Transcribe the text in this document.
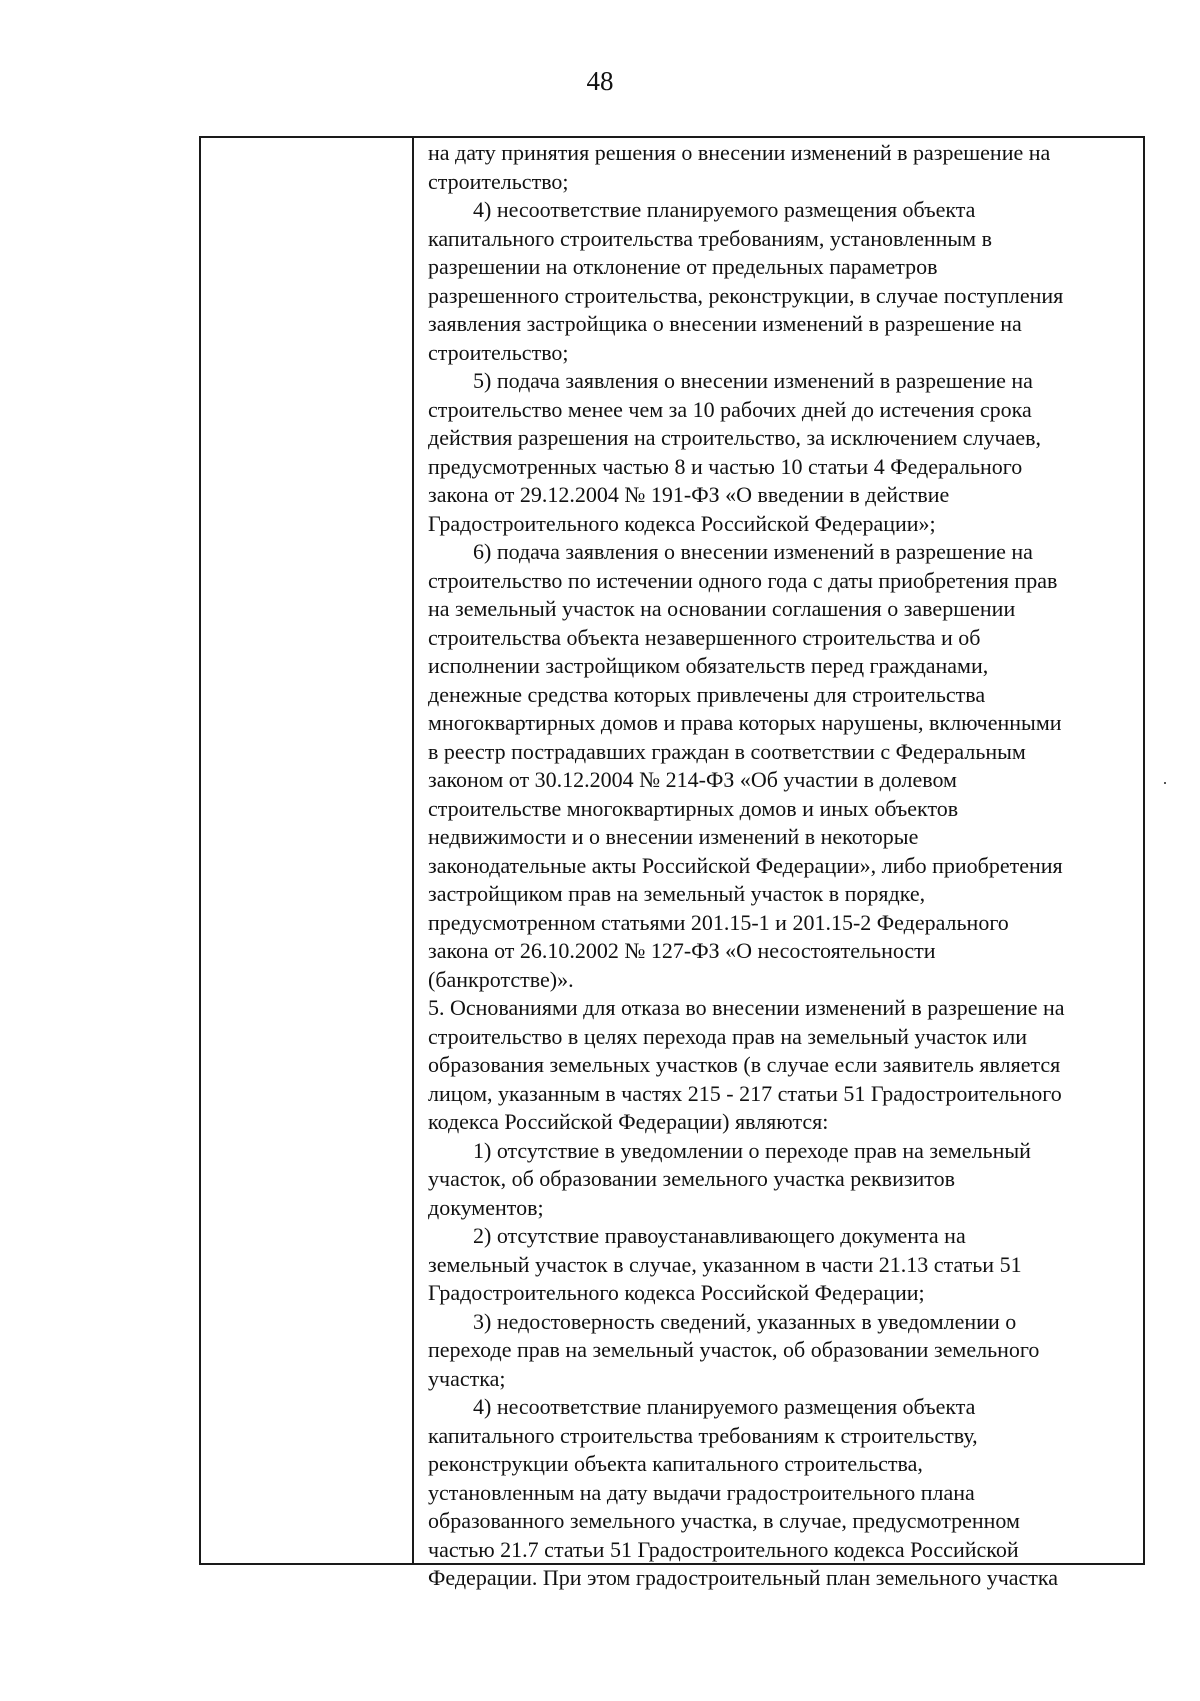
48
на дату принятия решения о внесении изменений в разрешение на
строительство;
4) несоответствие планируемого размещения объекта
капитального строительства требованиям, установленным в
разрешении на отклонение от предельных параметров
разрешенного строительства, реконструкции, в случае поступления
заявления застройщика о внесении изменений в разрешение на
строительство;
5) подача заявления о внесении изменений в разрешение на
строительство менее чем за 10 рабочих дней до истечения срока
действия разрешения на строительство, за исключением случаев,
предусмотренных частью 8 и частью 10 статьи 4 Федерального
закона от 29.12.2004 № 191-ФЗ «О введении в действие
Градостроительного кодекса Российской Федерации»;
6) подача заявления о внесении изменений в разрешение на
строительство по истечении одного года с даты приобретения прав
на земельный участок на основании соглашения о завершении
строительства объекта незавершенного строительства и об
исполнении застройщиком обязательств перед гражданами,
денежные средства которых привлечены для строительства
многоквартирных домов и права которых нарушены, включенными
в реестр пострадавших граждан в соответствии с Федеральным
законом от 30.12.2004 № 214-ФЗ «Об участии в долевом
строительстве многоквартирных домов и иных объектов
недвижимости и о внесении изменений в некоторые
законодательные акты Российской Федерации», либо приобретения
застройщиком прав на земельный участок в порядке,
предусмотренном статьями 201.15-1 и 201.15-2 Федерального
закона от 26.10.2002 № 127-ФЗ «О несостоятельности
(банкротстве)».
5. Основаниями для отказа во внесении изменений в разрешение на
строительство в целях перехода прав на земельный участок или
образования земельных участков (в случае если заявитель является
лицом, указанным в частях 215 - 217 статьи 51 Градостроительного
кодекса Российской Федерации) являются:
1) отсутствие в уведомлении о переходе прав на земельный
участок, об образовании земельного участка реквизитов
документов;
2) отсутствие правоустанавливающего документа на
земельный участок в случае, указанном в части 21.13 статьи 51
Градостроительного кодекса Российской Федерации;
3) недостоверность сведений, указанных в уведомлении о
переходе прав на земельный участок, об образовании земельного
участка;
4) несоответствие планируемого размещения объекта
капитального строительства требованиям к строительству,
реконструкции объекта капитального строительства,
установленным на дату выдачи градостроительного плана
образованного земельного участка, в случае, предусмотренном
частью 21.7 статьи 51 Градостроительного кодекса Российской
Федерации. При этом градостроительный план земельного участка
